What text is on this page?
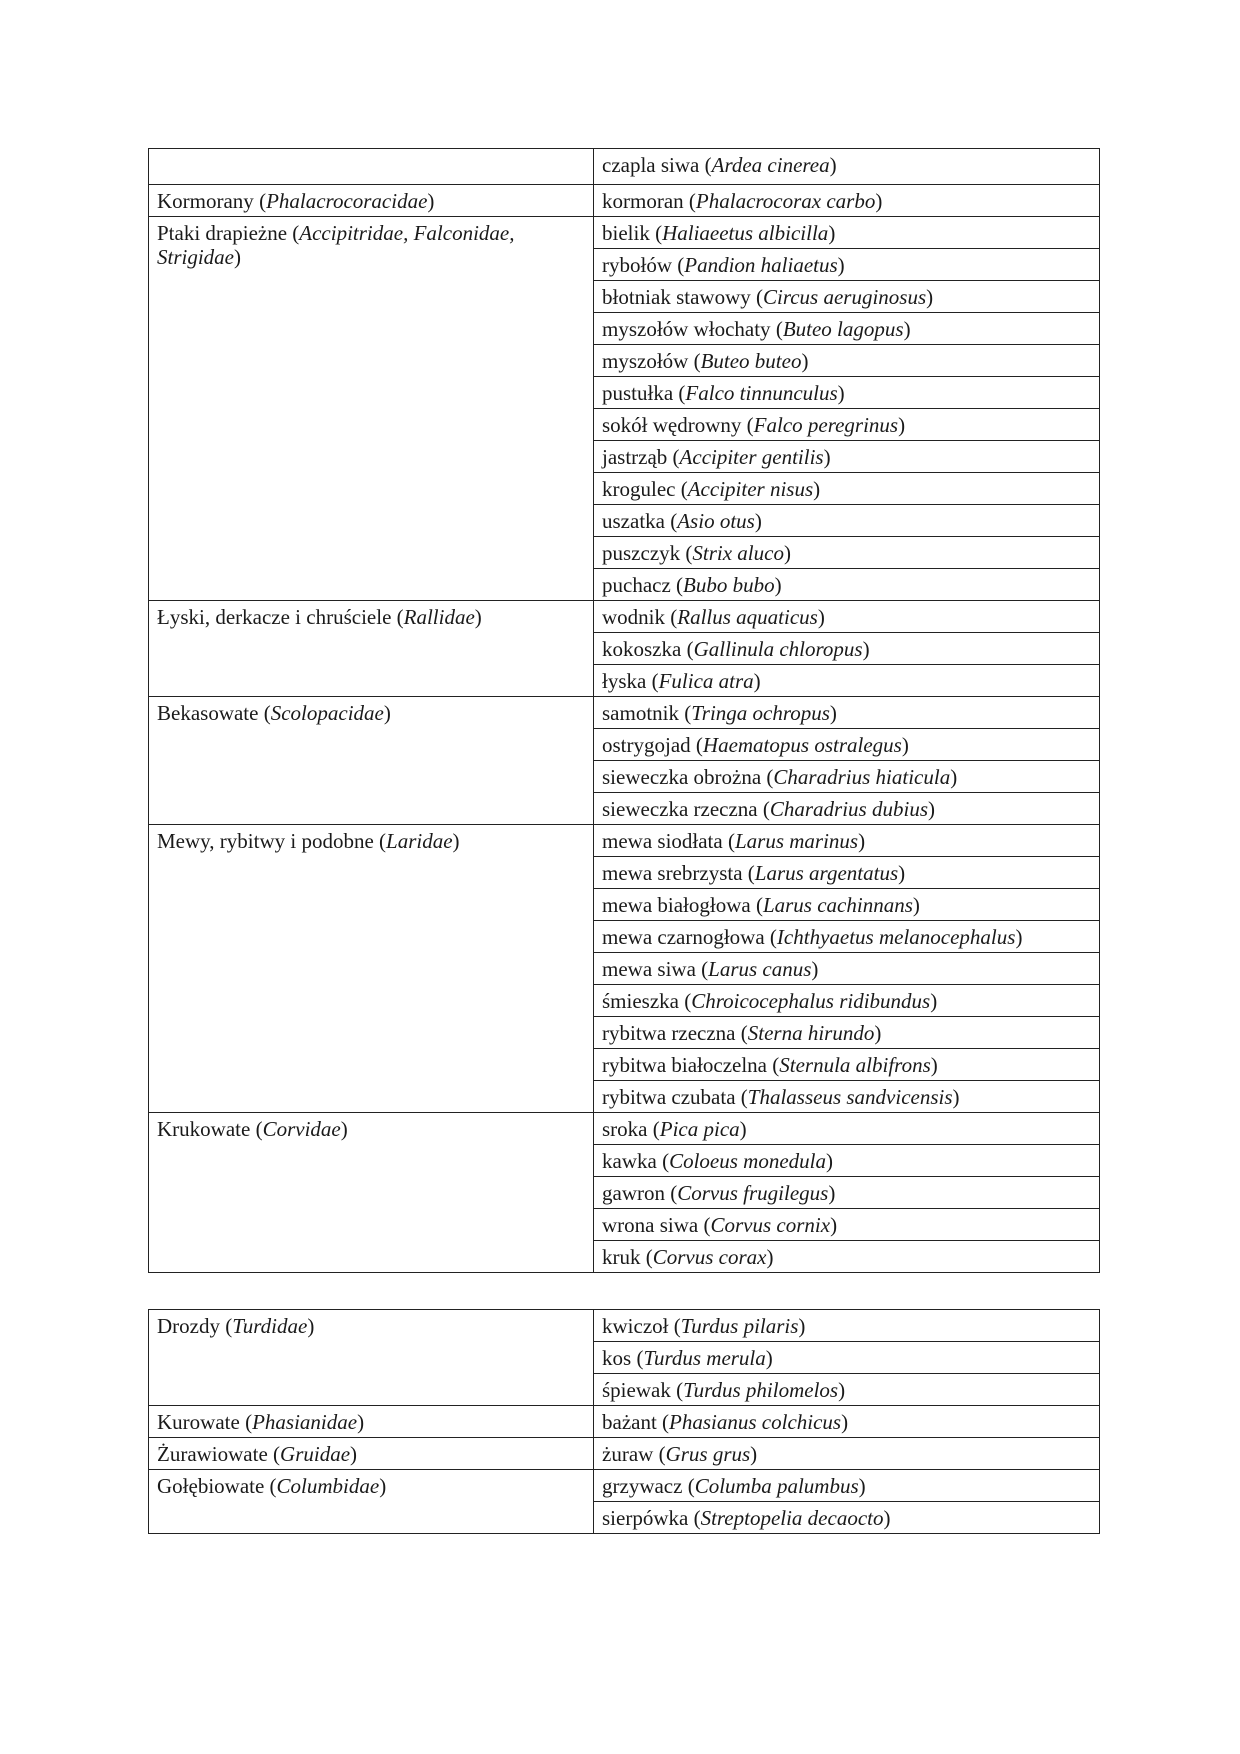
	czapla siwa (Ardea cinerea)
Kormorany (Phalacrocoracidae)	kormoran (Phalacrocorax carbo)
Ptaki drapieżne (Accipitridae, Falconidae, Strigidae)	bielik (Haliaeetus albicilla)
	rybołów (Pandion haliaetus)
	błotniak stawowy (Circus aeruginosus)
	myszołów włochaty (Buteo lagopus)
	myszołów (Buteo buteo)
	pustułka (Falco tinnunculus)
	sokół wędrowny (Falco peregrinus)
	jastrząb (Accipiter gentilis)
	krogulec (Accipiter nisus)
	uszatka (Asio otus)
	puszczyk (Strix aluco)
	puchacz (Bubo bubo)
Łyski, derkacze i chruściele (Rallidae)	wodnik (Rallus aquaticus)
	kokoszka (Gallinula chloropus)
	łyska (Fulica atra)
Bekasowate (Scolopacidae)	samotnik (Tringa ochropus)
	ostrygojad (Haematopus ostralegus)
	sieweczka obrożna (Charadrius hiaticula)
	sieweczka rzeczna (Charadrius dubius)
Mewy, rybitwy i podobne (Laridae)	mewa siodłata (Larus marinus)
	mewa srebrzysta (Larus argentatus)
	mewa białogłowa (Larus cachinnans)
	mewa czarnogłowa (Ichthyaetus melanocephalus)
	mewa siwa (Larus canus)
	śmieszka (Chroicocephalus ridibundus)
	rybitwa rzeczna (Sterna hirundo)
	rybitwa białoczelna (Sternula albifrons)
	rybitwa czubata (Thalasseus sandvicensis)
Krukowate (Corvidae)	sroka (Pica pica)
	kawka (Coloeus monedula)
	gawron (Corvus frugilegus)
	wrona siwa (Corvus cornix)
	kruk (Corvus corax)
Drozdy (Turdidae)	kwiczoł (Turdus pilaris)
	kos (Turdus merula)
	śpiewak (Turdus philomelos)
Kurowate (Phasianidae)	bażant (Phasianus colchicus)
Żurawiowate (Gruidae)	żuraw (Grus grus)
Gołębiowate (Columbidae)	grzywacz (Columba palumbus)
	sierpówka (Streptopelia decaocto)
